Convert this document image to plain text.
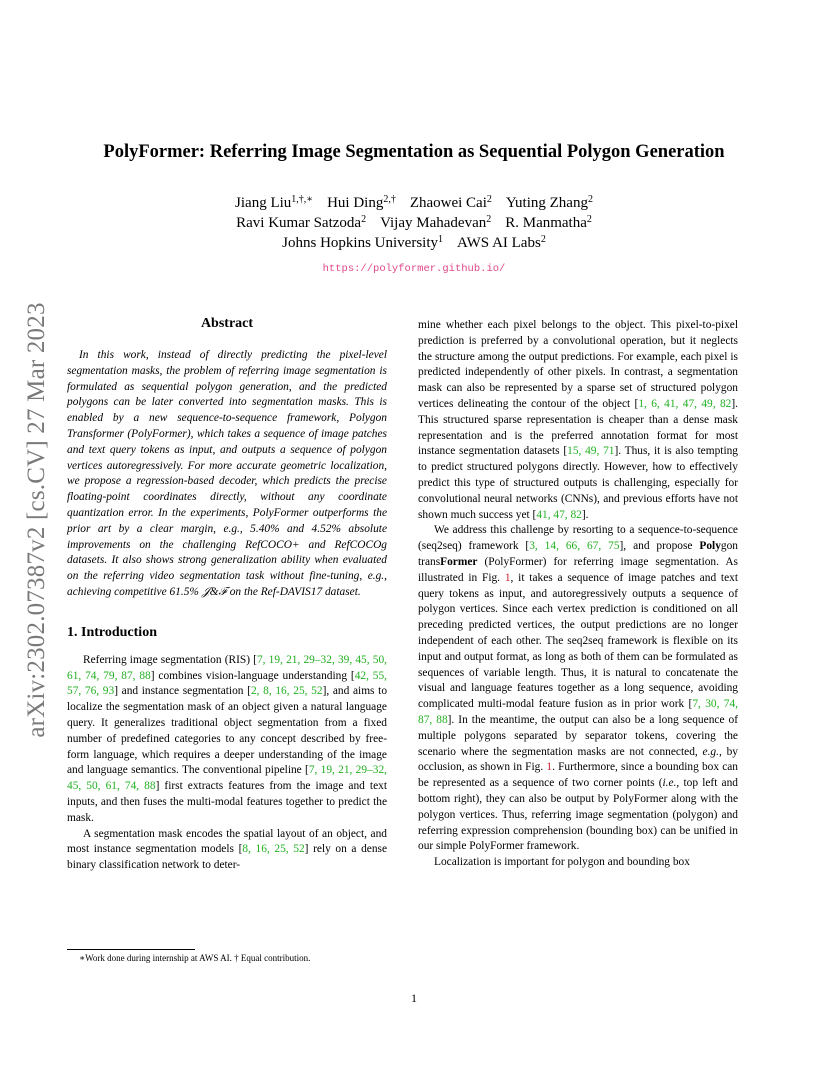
arXiv:2302.07387v2 [cs.CV] 27 Mar 2023
PolyFormer: Referring Image Segmentation as Sequential Polygon Generation
Jiang Liu$^{1,\dagger,∗}$ Hui Ding$^{2,\dagger}$ Zhaowei Cai$^2$ Yuting Zhang$^2$
Ravi Kumar Satzoda$^2$ Vijay Mahadevan$^2$ R. Manmatha$^2$
Johns Hopkins University$^1$ AWS AI Labs$^2$
https://polyformer.github.io/
Abstract

In this work, instead of directly predicting the pixel-level segmentation masks, the problem of referring image segmentation is formulated as sequential polygon generation, and the predicted polygons can be later converted into segmentation masks. This is enabled by a new sequence-to-sequence framework, Polygon Transformer (PolyFormer), which takes a sequence of image patches and text query tokens as input, and outputs a sequence of polygon vertices autoregressively. For more accurate geometric localization, we propose a regression-based decoder, which predicts the precise floating-point coordinates directly, without any coordinate quantization error. In the experiments, PolyFormer outperforms the prior art by a clear margin, e.g., 5.40% and 4.52% absolute improvements on the challenging RefCOCO+ and RefCOCOg datasets. It also shows strong generalization ability when evaluated on the referring video segmentation task without fine-tuning, e.g., achieving competitive 61.5% 𝒥&ℱ on the Ref-DAVIS17 dataset.

1. Introduction

Referring image segmentation (RIS) [7, 19, 21, 29–32, 39, 45, 50, 61, 74, 79, 87, 88] combines vision-language understanding [42, 55, 57, 76, 93] and instance segmentation [2, 8, 16, 25, 52], and aims to localize the segmentation mask of an object given a natural language query. It generalizes traditional object segmentation from a fixed number of predefined categories to any concept described by free-form language, which requires a deeper understanding of the image and language semantics. The conventional pipeline [7, 19, 21, 29–32, 45, 50, 61, 74, 88] first extracts features from the image and text inputs, and then fuses the multi-modal features together to predict the mask.

A segmentation mask encodes the spatial layout of an object, and most instance segmentation models [8, 16, 25, 52] rely on a dense binary classification network to deter-

mine whether each pixel belongs to the object. This pixel-to-pixel prediction is preferred by a convolutional operation, but it neglects the structure among the output predictions. For example, each pixel is predicted independently of other pixels. In contrast, a segmentation mask can also be represented by a sparse set of structured polygon vertices delineating the contour of the object [1, 6, 41, 47, 49, 82]. This structured sparse representation is cheaper than a dense mask representation and is the preferred annotation format for most instance segmentation datasets [15, 49, 71]. Thus, it is also tempting to predict structured polygons directly. However, how to effectively predict this type of structured outputs is challenging, especially for convolutional neural networks (CNNs), and previous efforts have not shown much success yet [41, 47, 82].

We address this challenge by resorting to a sequence-to-sequence (seq2seq) framework [3, 14, 66, 67, 75], and propose Polygon transFormer (PolyFormer) for referring image segmentation. As illustrated in Fig. 1, it takes a sequence of image patches and text query tokens as input, and autoregressively outputs a sequence of polygon vertices. Since each vertex prediction is conditioned on all preceding predicted vertices, the output predictions are no longer independent of each other. The seq2seq framework is flexible on its input and output format, as long as both of them can be formulated as sequences of variable length. Thus, it is natural to concatenate the visual and language features together as a long sequence, avoiding complicated multi-modal feature fusion as in prior work [7, 30, 74, 87, 88]. In the meantime, the output can also be a long sequence of multiple polygons separated by separator tokens, covering the scenario where the segmentation masks are not connected, e.g., by occlusion, as shown in Fig. 1. Furthermore, since a bounding box can be represented as a sequence of two corner points (i.e., top left and bottom right), they can also be output by PolyFormer along with the polygon vertices. Thus, referring image segmentation (polygon) and referring expression comprehension (bounding box) can be unified in our simple PolyFormer framework.

Localization is important for polygon and bounding box

∗Work done during internship at AWS AI. † Equal contribution.
1
